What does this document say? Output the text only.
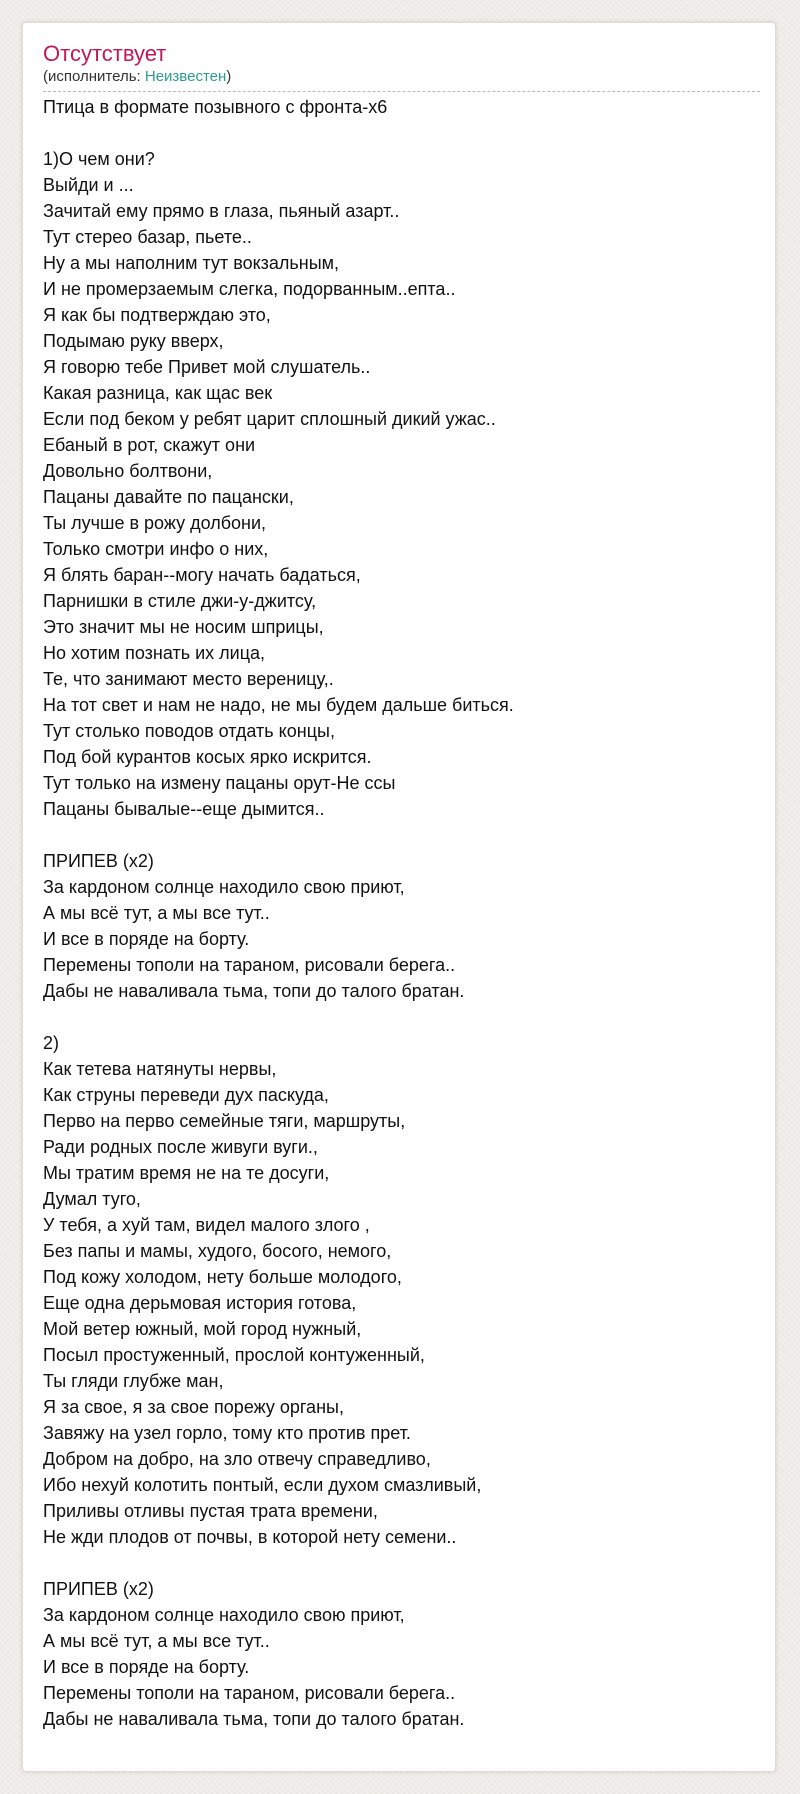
Отсутствует
(исполнитель: Неизвестен)
Птица в формате позывного с фронта-х6

1)О чем они?
Выйди и ...
Зачитай ему прямо в глаза, пьяный азарт..
Тут стерео базар, пьете..
Ну а мы наполним тут вокзальным,
И не промерзаемым слегка, подорванным..епта..
Я как бы подтверждаю это,
Подымаю руку вверх,
Я говорю тебе Привет мой слушатель..
Какая разница, как щас век
Если под беком у ребят царит сплошный дикий ужас..
Ебаный в рот, скажут они
Довольно болтвони,
Пацаны давайте по пацански,
Ты лучше в рожу долбони,
Только смотри инфо о них,
Я блять баран--могу начать бадаться,
Парнишки в стиле джи-у-джитсу,
Это значит мы не носим шприцы,
Но хотим познать их лица,
Те, что занимают место вереницу,.
На тот свет и нам не надо, не мы будем дальше биться.
Тут столько поводов отдать концы,
Под бой курантов косых ярко искрится.
Тут только на измену пацаны орут-Не ссы
Пацаны бывалые--еще дымится..

ПРИПЕВ (х2)
За кардоном солнце находило свою приют,
А мы всё тут, а мы все тут..
И все в поряде на борту.
Перемены тополи на тараном, рисовали берега..
Дабы не наваливала тьма, топи до талого братан.

2)
Как тетева натянуты нервы,
Как струны переведи дух паскуда,
Перво на перво семейные тяги, маршруты,
Ради родных после живуги вуги.,
Мы тратим время не на те досуги,
Думал туго,
У тебя, а хуй там, видел малого злого ,
Без папы и мамы, худого, босого, немого,
Под кожу холодом, нету больше молодого,
Еще одна дерьмовая история готова,
Мой ветер южный, мой город нужный,
Посыл простуженный, прослой контуженный,
Ты гляди глубже ман,
Я за свое, я за свое порежу органы,
Завяжу на узел горло, тому кто против прет.
Добром на добро, на зло отвечу справедливо,
Ибо нехуй колотить понтый, если духом смазливый,
Приливы отливы пустая трата времени,
Не жди плодов от почвы, в которой нету семени..

ПРИПЕВ (х2)
За кардоном солнце находило свою приют,
А мы всё тут, а мы все тут..
И все в поряде на борту.
Перемены тополи на тараном, рисовали берега..
Дабы не наваливала тьма, топи до талого братан.
